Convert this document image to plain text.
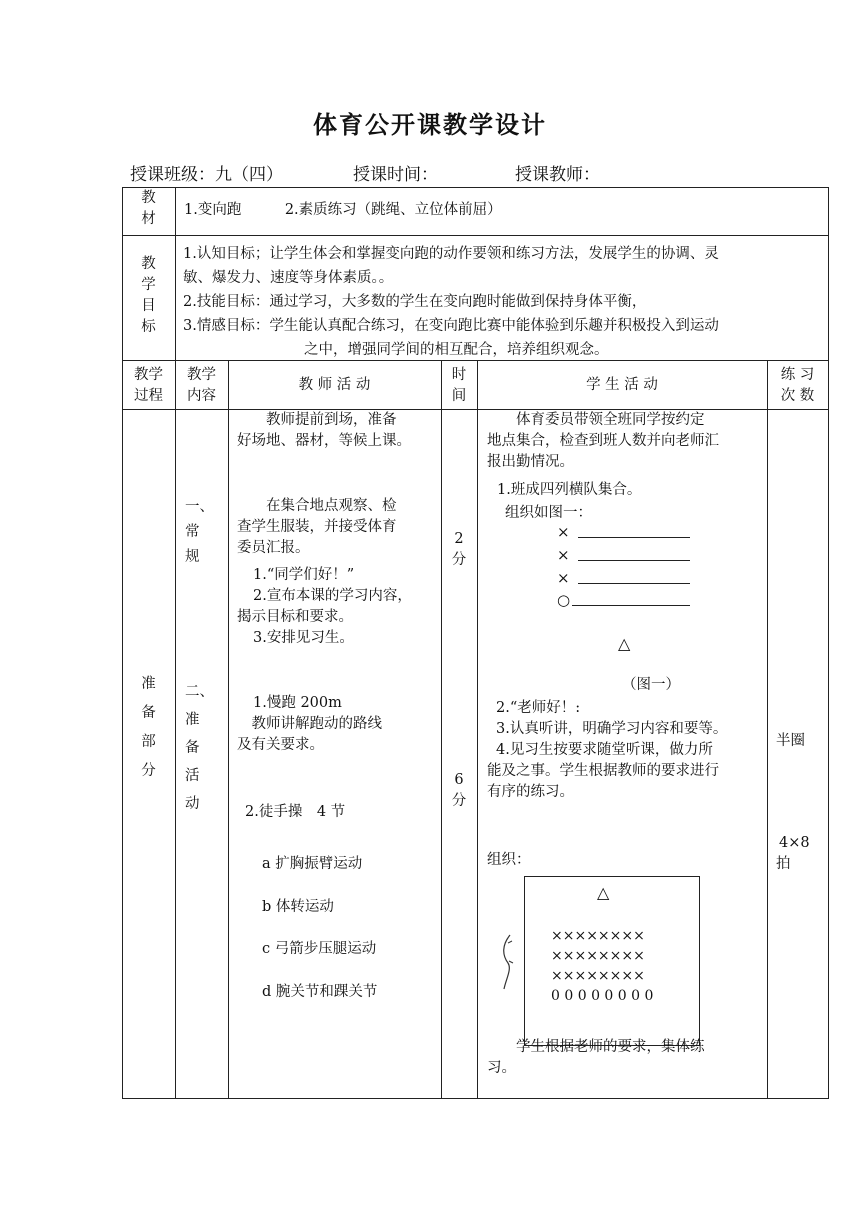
体育公开课教学设计
授课班级：九（四）	授课时间：	授课教师：
教
材
1.变向跑　　　2.素质练习（跳绳、立位体前屈）
教
学
目
标
1.认知目标；让学生体会和掌握变向跑的动作要领和练习方法，发展学生的协调、灵
敏、爆发力、速度等身体素质。。
2.技能目标：通过学习，大多数的学生在变向跑时能做到保持身体平衡，
3.情感目标：学生能认真配合练习，在变向跑比赛中能体验到乐趣并积极投入到运动
之中，增强同学间的相互配合，培养组织观念。
教学
过程
教学
内容
教 师 活 动
时
间
学 生 活 动
练 习
次 数
准
备
部
分
一、
常
规
二、
准
备
活
动
　　教师提前到场，准备
好场地、器材，等候上课。
　　在集合地点观察、检
查学生服装，并接受体育
委员汇报。
1.“同学们好！”
2.宣布本课的学习内容，
揭示目标和要求。
3.安排见习生。
1.慢跑 200m
　教师讲解跑动的路线
及有关要求。
2.徒手操　4 节
a 扩胸振臂运动
b 体转运动
c 弓箭步压腿运动
d 腕关节和踝关节
2
分
6
分
　　体育委员带领全班同学按约定
地点集合，检查到班人数并向老师汇
报出勤情况。
1.班成四列横队集合。
组织如图一：
×
×
×
○
△
（图一）
2.“老师好！:
3.认真听讲，明确学习内容和要等。
4.见习生按要求随堂听课，做力所
能及之事。学生根据教师的要求进行
有序的练习。
组织：
△
××××××××
××××××××
××××××××
0 0 0 0 0 0 0 0
　　学生根据老师的要求，集体练
习。
半圈
4×8
拍
